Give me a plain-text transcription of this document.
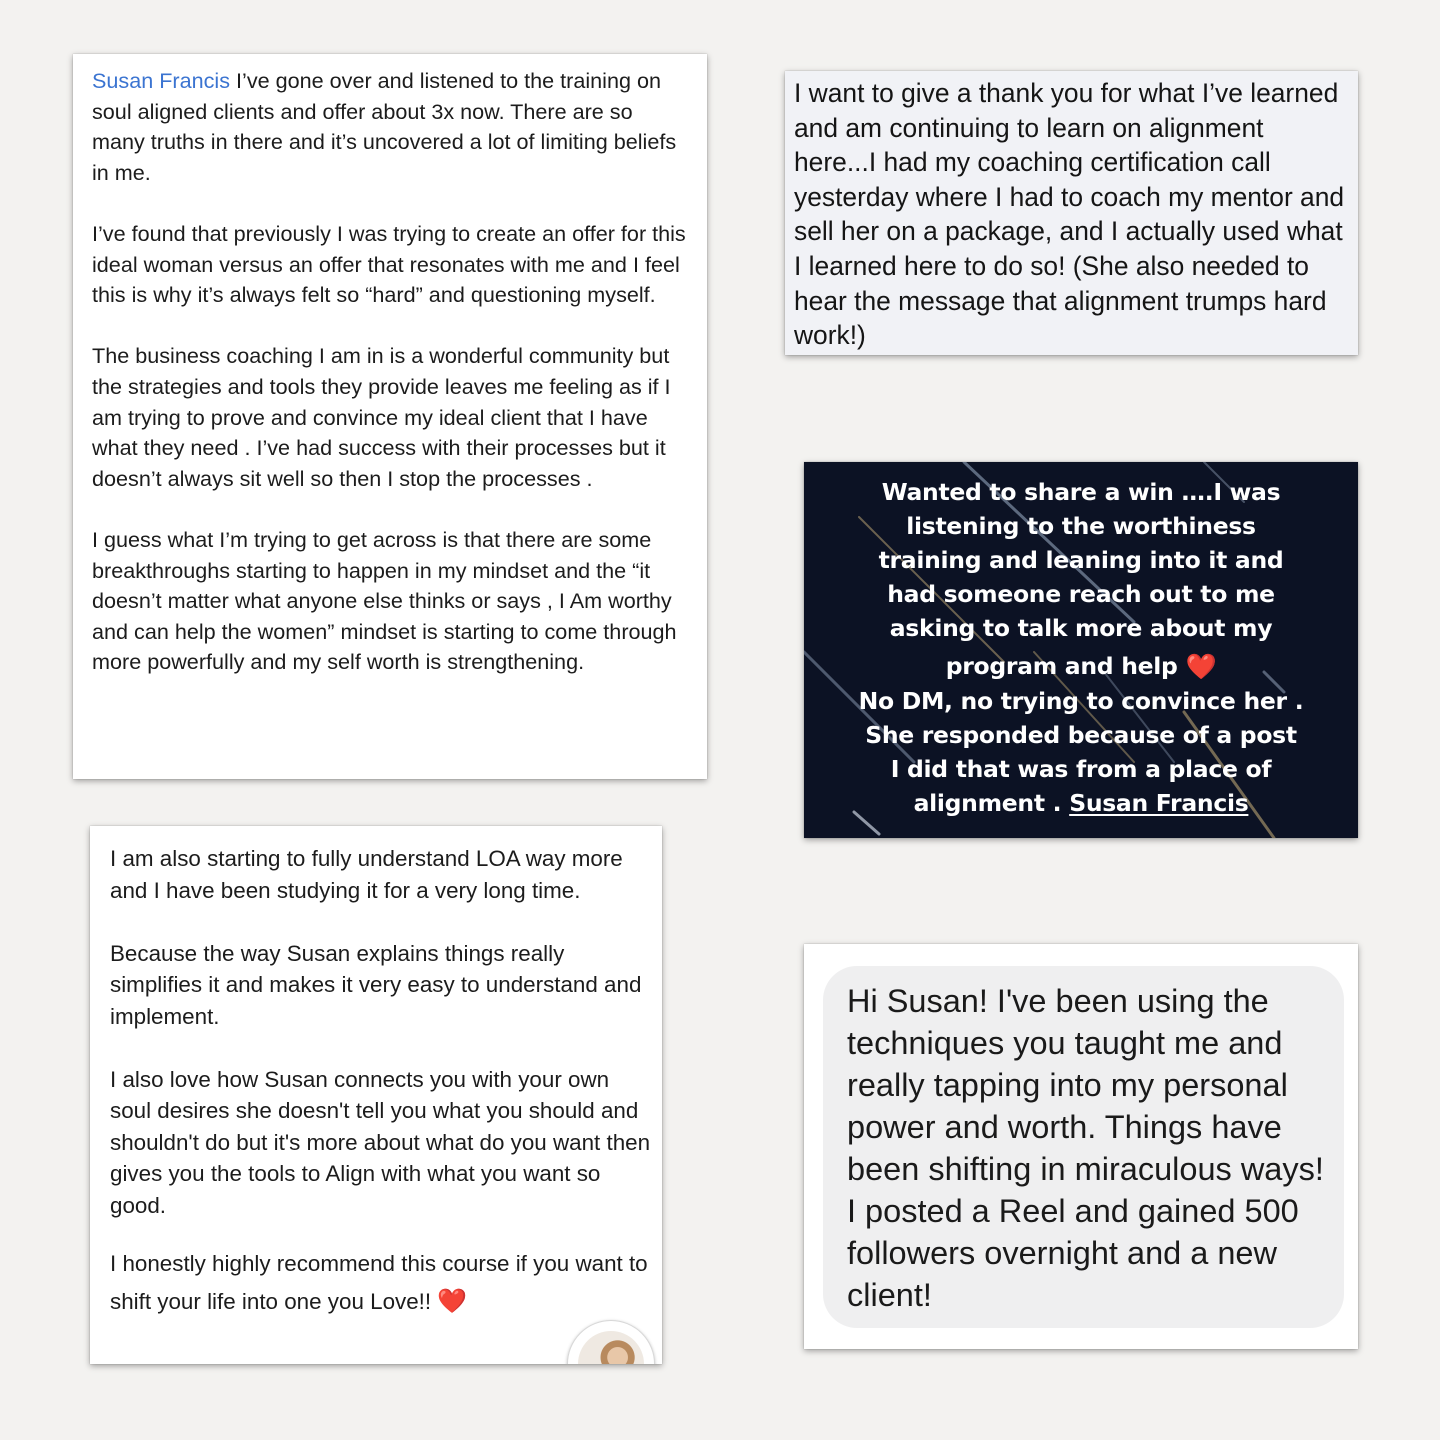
Susan Francis I’ve gone over and listened to the training on soul aligned clients and offer about 3x now. There are so many truths in there and it’s uncovered a lot of limiting beliefs in me.

I’ve found that previously I was trying to create an offer for this ideal woman versus an offer that resonates with me and I feel this is why it’s always felt so “hard” and questioning myself.

The business coaching I am in is a wonderful community but the strategies and tools they provide leaves me feeling as if I am trying to prove and convince my ideal client that I have what they need . I’ve had success with their processes but it doesn’t always sit well so then I stop the processes .

I guess what I’m trying to get across is that there are some breakthroughs starting to happen in my mindset and the “it doesn’t matter what anyone else thinks or says , I Am worthy and can help the women” mindset is starting to come through more powerfully and my self worth is strengthening.

I want to give a thank you for what I’ve learned and am continuing to learn on alignment here...I had my coaching certification call yesterday where I had to coach my mentor and sell her on a package, and I actually used what I learned here to do so! (She also needed to hear the message that alignment trumps hard work!)

Wanted to share a win ….I was
listening to the worthiness
training and leaning into it and
had someone reach out to me
asking to talk more about my
program and help ❤️
No DM, no trying to convince her .
She responded because of a post
I did that was from a place of
alignment . Susan Francis

I am also starting to fully understand LOA way more and I have been studying it for a very long time.

Because the way Susan explains things really simplifies it and makes it very easy to understand and implement.

I also love how Susan connects you with your own soul desires she doesn't tell you what you should and shouldn't do but it's more about what do you want then gives you the tools to Align with what you want so good.

I honestly highly recommend this course if you want to shift your life into one you Love!! ❤️

Hi Susan! I've been using the techniques you taught me and really tapping into my personal power and worth. Things have been shifting in miraculous ways! I posted a Reel and gained 500 followers overnight and a new client!
